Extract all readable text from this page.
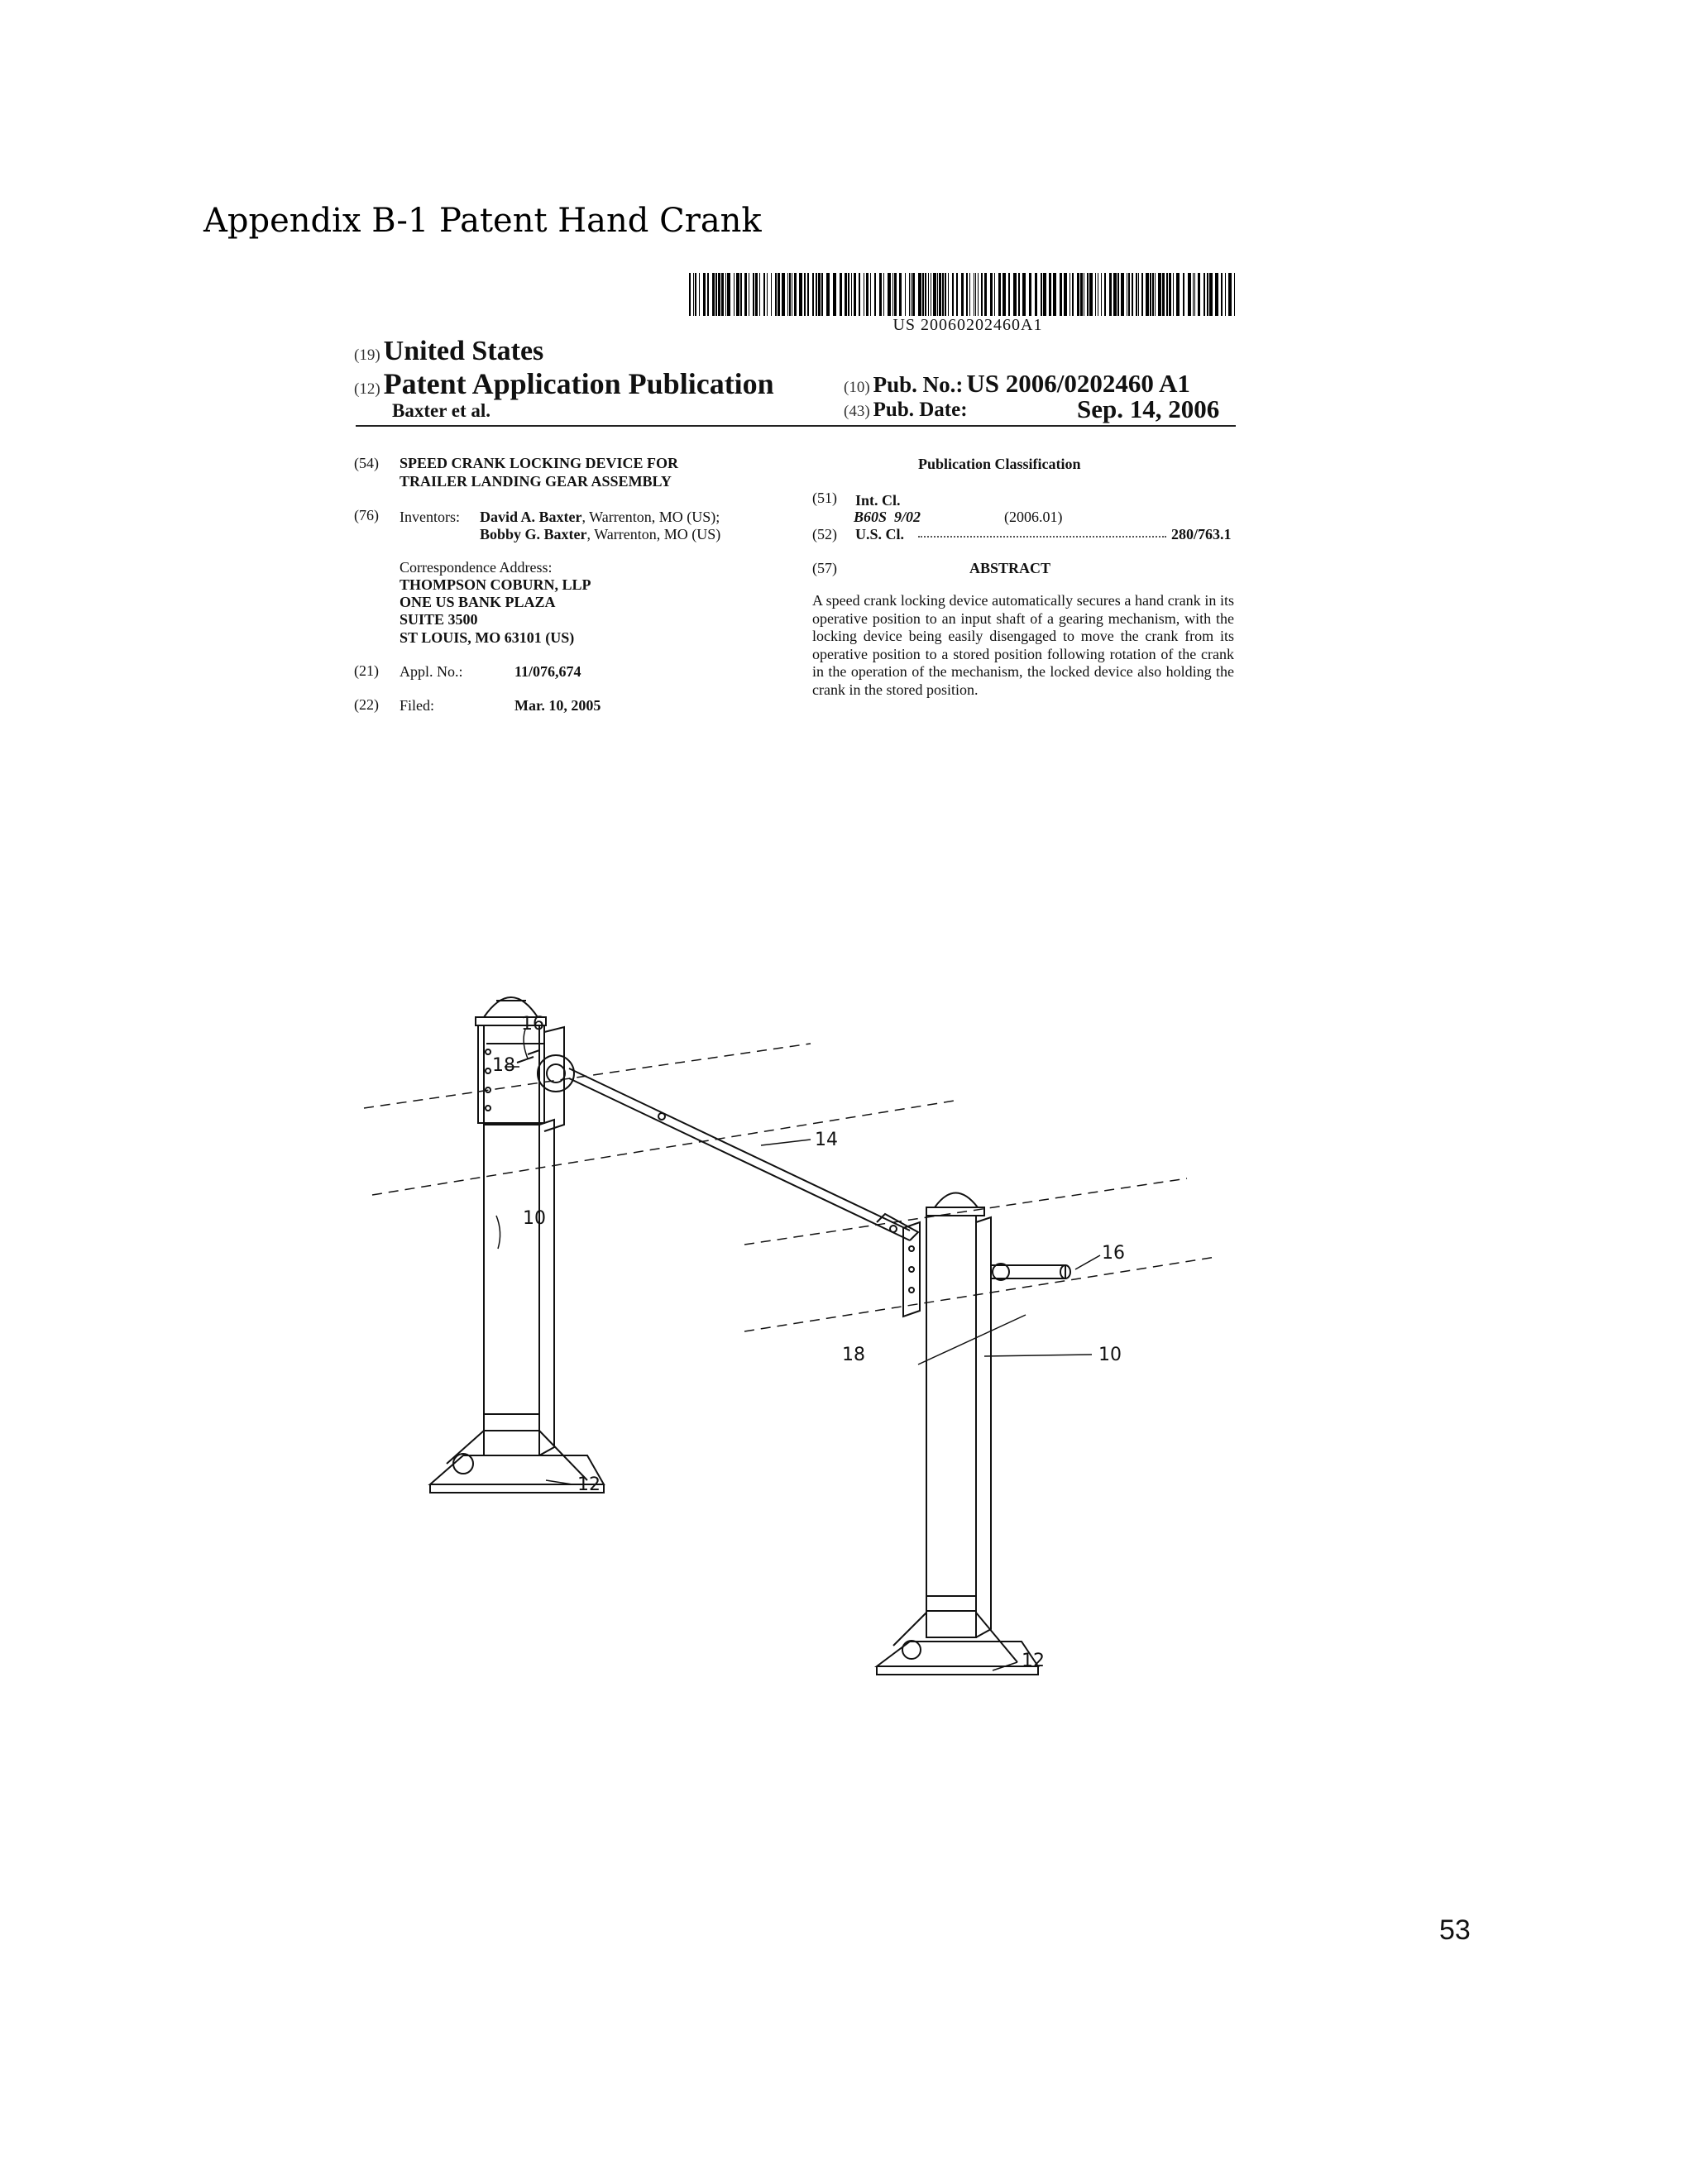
Appendix B-1 Patent Hand Crank
US 20060202460A1
(19) United States
(12) Patent Application Publication
Baxter et al.
(10) Pub. No.: US 2006/0202460 A1
(43) Pub. Date:	Sep. 14, 2006
(54) SPEED CRANK LOCKING DEVICE FOR
TRAILER LANDING GEAR ASSEMBLY
(76) Inventors: David A. Baxter, Warrenton, MO (US);
Bobby G. Baxter, Warrenton, MO (US)
Correspondence Address:
THOMPSON COBURN, LLP
ONE US BANK PLAZA
SUITE 3500
ST LOUIS, MO 63101 (US)
(21) Appl. No.:	11/076,674
(22) Filed:	Mar. 10, 2005
Publication Classification
(51) Int. Cl.
B60S  9/02	(2006.01)
(52) U.S. Cl.	280/763.1
(57)	ABSTRACT
A speed crank locking device automatically secures a hand crank in its operative position to an input shaft of a gearing mechanism, with the locking device being easily disengaged to move the crank from its operative position to a stored position following rotation of the crank in the operation of the mechanism, the locked device also holding the crank in the stored position.
16
18
14
10
12
16
18	10
12
53
